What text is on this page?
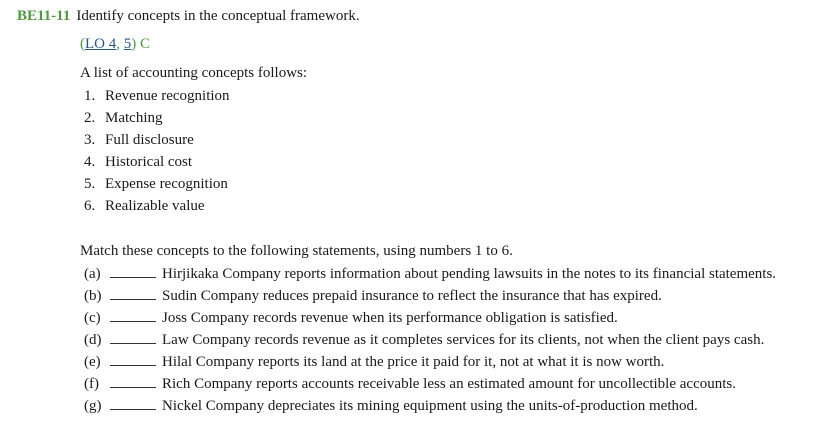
BE11-11 Identify concepts in the conceptual framework.
(LO 4, 5) C
A list of accounting concepts follows:
1. Revenue recognition
2. Matching
3. Full disclosure
4. Historical cost
5. Expense recognition
6. Realizable value
Match these concepts to the following statements, using numbers 1 to 6.
(a)	Hirjikaka Company reports information about pending lawsuits in the notes to its financial statements.
(b)	Sudin Company reduces prepaid insurance to reflect the insurance that has expired.
(c)	Joss Company records revenue when its performance obligation is satisfied.
(d)	Law Company records revenue as it completes services for its clients, not when the client pays cash.
(e)	Hilal Company reports its land at the price it paid for it, not at what it is now worth.
(f)	Rich Company reports accounts receivable less an estimated amount for uncollectible accounts.
(g)	Nickel Company depreciates its mining equipment using the units-of-production method.
